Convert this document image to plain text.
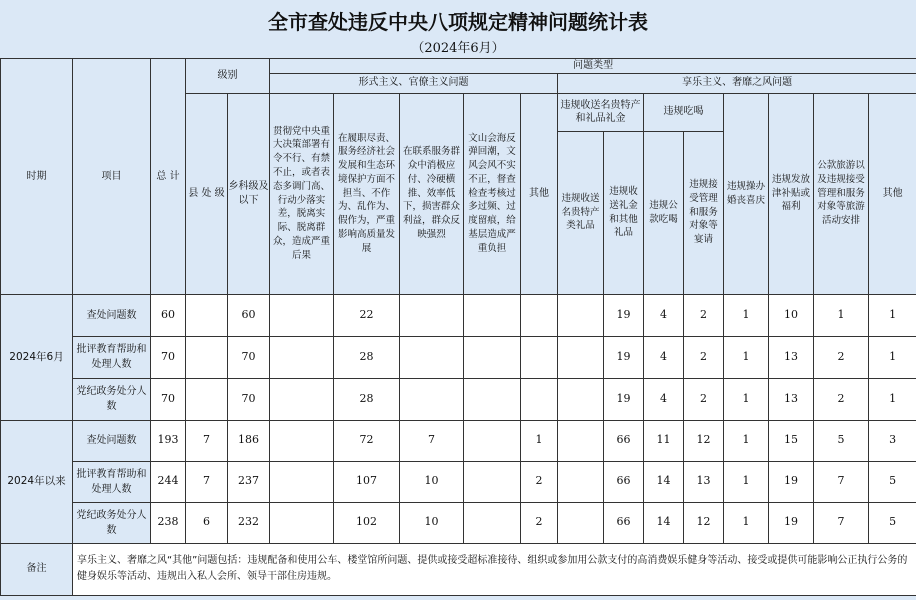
全市查处违反中央八项规定精神问题统计表
（2024年6月）
时期	项目	总 计	级别		问题类型												
					形式主义、官僚主义问题					享乐主义、奢靡之风问题							
			县 处 级	乡科级及以下	贯彻党中央重大决策部署有令不行、有禁不止，或者表态多调门高、行动少落实差，脱离实际、脱离群众，造成严重后果	在履职尽责、服务经济社会发展和生态环境保护方面不担当、不作为、乱作为、假作为，严重影响高质量发展	在联系服务群众中消极应付、冷硬横推、效率低下，损害群众利益，群众反映强烈	文山会海反弹回潮，文风会风不实不正，督查检查考核过多过频、过度留痕，给基层造成严重负担	其他	违规收送名贵特产和礼品礼金		违规吃喝		违规操办婚丧喜庆	违规发放津补贴或福利	公款旅游以及违规接受管理和服务对象等旅游活动安排	其他
										违规收送名贵特产类礼品	违规收送礼金和其他礼品	违规公款吃喝	违规接受管理和服务对象等宴请				

2024年6月	查处问题数	60		60		22					19	4	2	1	10	1	1
	批评教育帮助和处理人数	70		70		28					19	4	2	1	13	2	1
	党纪政务处分人数	70		70		28					19	4	2	1	13	2	1
2024年以来	查处问题数	193	7	186		72	7		1		66	11	12	1	15	5	3
	批评教育帮助和处理人数	244	7	237		107	10		2		66	14	13	1	19	7	5
	党纪政务处分人数	238	6	232		102	10		2		66	14	12	1	19	7	5
备注	享乐主义、奢靡之风“其他”问题包括：违规配备和使用公车、楼堂馆所问题、提供或接受超标准接待、组织或参加用公款支付的高消费娱乐健身等活动、接受或提供可能影响公正执行公务的健身娱乐等活动、违规出入私人会所、领导干部住房违规。																
